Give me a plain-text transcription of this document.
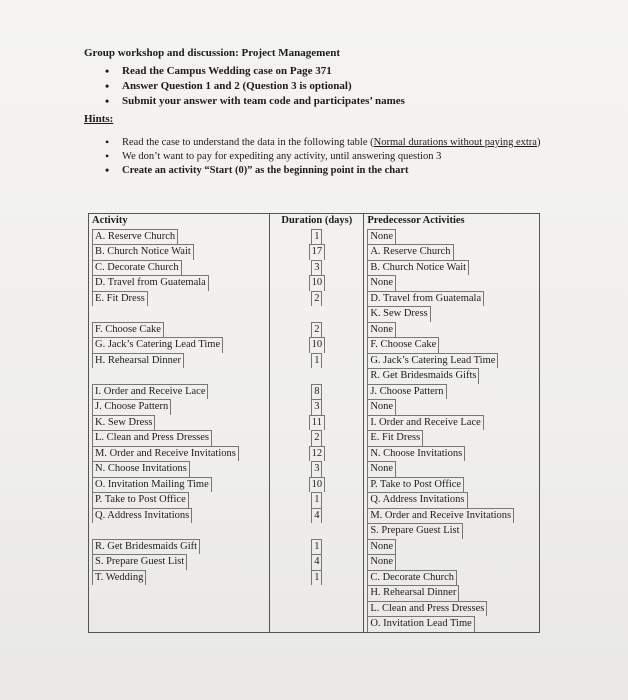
Group workshop and discussion: Project Management
• Read the Campus Wedding case on Page 371
• Answer Question 1 and 2 (Question 3 is optional)
• Submit your answer with team code and participates’ names
Hints:
• Read the case to understand the data in the following table (Normal durations without paying extra)
• We don’t want to pay for expediting any activity, until answering question 3
• Create an activity “Start (0)” as the beginning point in the chart
Activity	Duration (days)	Predecessor Activities
A. Reserve Church	1	None
B. Church Notice Wait	17	A. Reserve Church
C. Decorate Church	3	B. Church Notice Wait
D. Travel from Guatemala	10	None
E. Fit Dress	2	D. Travel from Guatemala
		K. Sew Dress
F. Choose Cake	2	None
G. Jack’s Catering Lead Time	10	F. Choose Cake
H. Rehearsal Dinner	1	G. Jack’s Catering Lead Time
		R. Get Bridesmaids Gifts
I. Order and Receive Lace	8	J. Choose Pattern
J. Choose Pattern	3	None
K. Sew Dress	11	I. Order and Receive Lace
L. Clean and Press Dresses	2	E. Fit Dress
M. Order and Receive Invitations	12	N. Choose Invitations
N. Choose Invitations	3	None
O. Invitation Mailing Time	10	P. Take to Post Office
P. Take to Post Office	1	Q. Address Invitations
Q. Address Invitations	4	M. Order and Receive Invitations
		S. Prepare Guest List
R. Get Bridesmaids Gift	1	None
S. Prepare Guest List	4	None
T. Wedding	1	C. Decorate Church
		H. Rehearsal Dinner
		L. Clean and Press Dresses
		O. Invitation Lead Time
